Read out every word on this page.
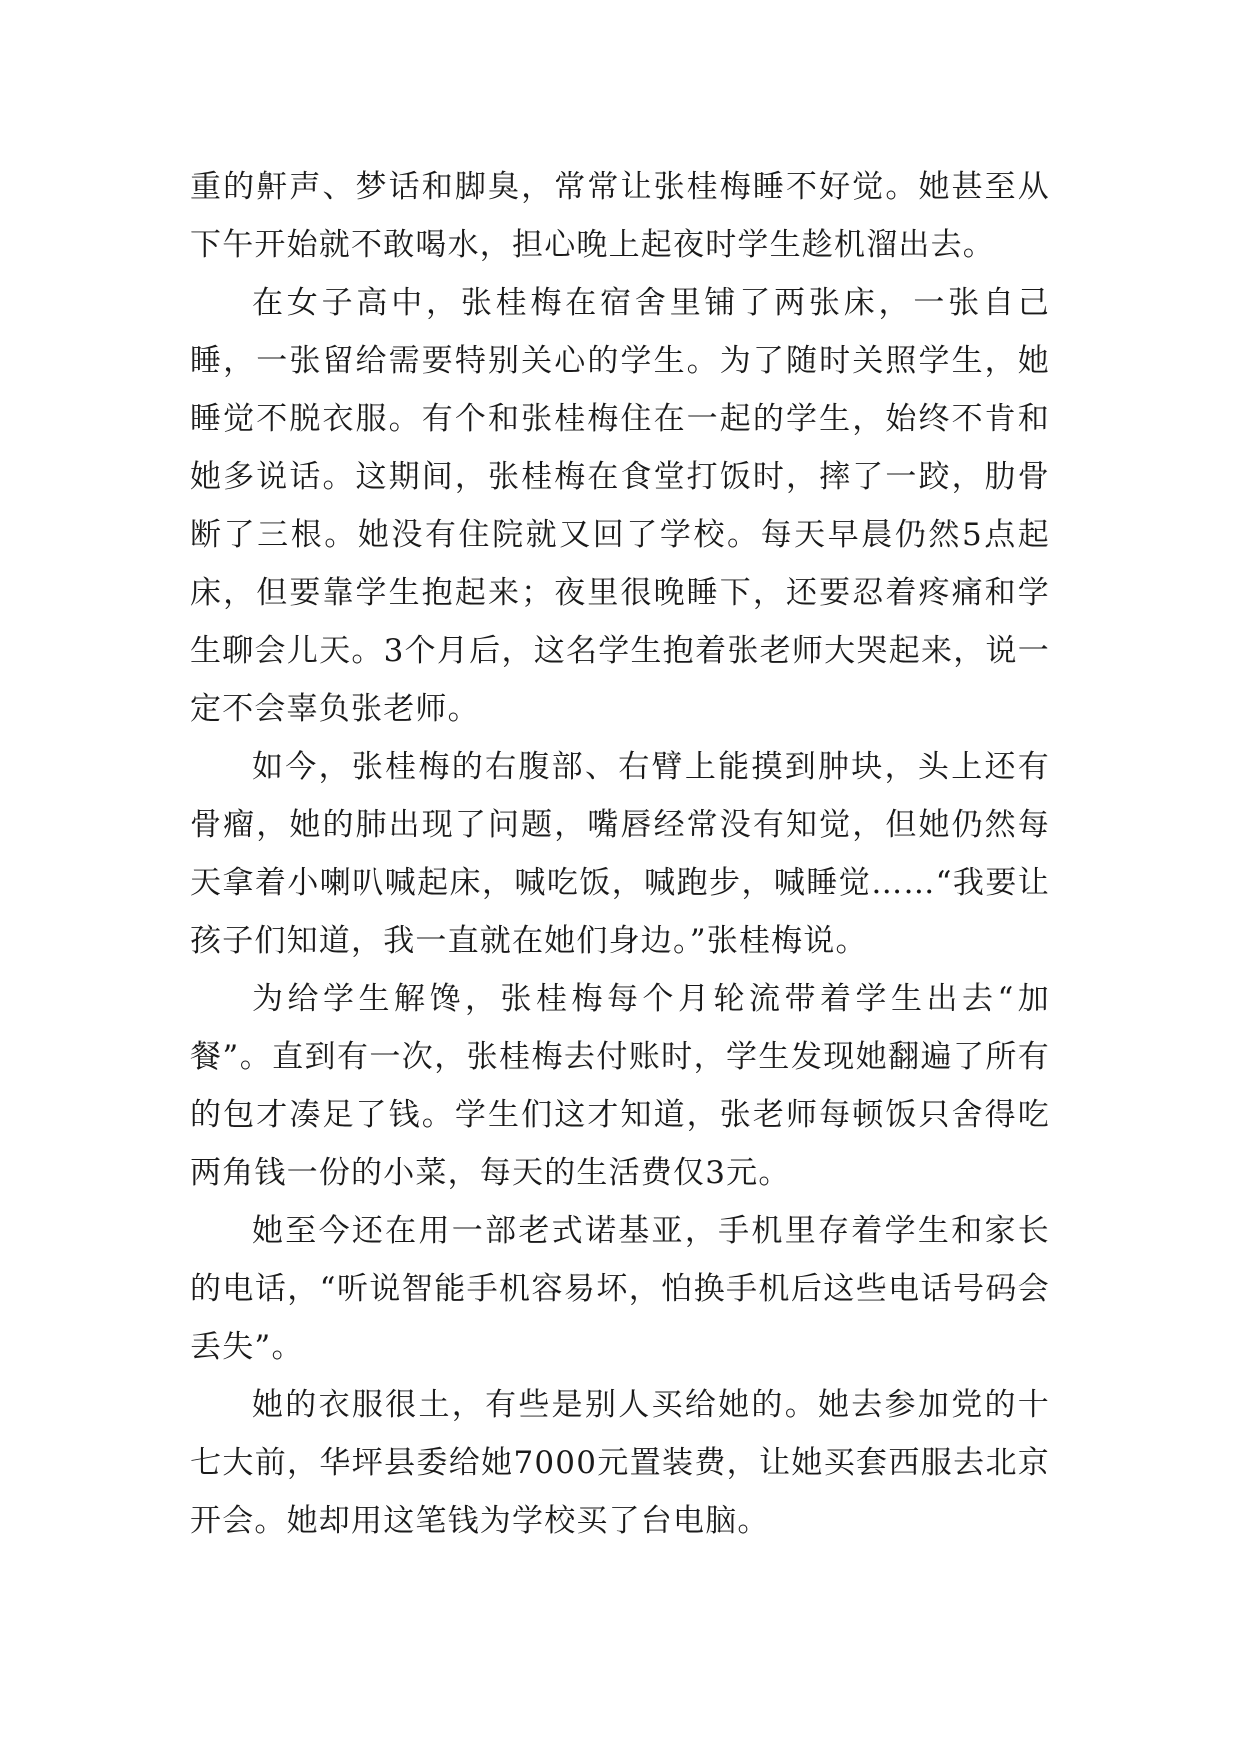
重的鼾声、梦话和脚臭，常常让张桂梅睡不好觉。她甚至从下午开始就不敢喝水，担心晚上起夜时学生趁机溜出去。

在女子高中，张桂梅在宿舍里铺了两张床，一张自己睡，一张留给需要特别关心的学生。为了随时关照学生，她睡觉不脱衣服。有个和张桂梅住在一起的学生，始终不肯和她多说话。这期间，张桂梅在食堂打饭时，摔了一跤，肋骨断了三根。她没有住院就又回了学校。每天早晨仍然5点起床，但要靠学生抱起来；夜里很晚睡下，还要忍着疼痛和学生聊会儿天。3个月后，这名学生抱着张老师大哭起来，说一定不会辜负张老师。

如今，张桂梅的右腹部、右臂上能摸到肿块，头上还有骨瘤，她的肺出现了问题，嘴唇经常没有知觉，但她仍然每天拿着小喇叭喊起床，喊吃饭，喊跑步，喊睡觉……“我要让孩子们知道，我一直就在她们身边。”张桂梅说。

为给学生解馋，张桂梅每个月轮流带着学生出去“加餐”。直到有一次，张桂梅去付账时，学生发现她翻遍了所有的包才凑足了钱。学生们这才知道，张老师每顿饭只舍得吃两角钱一份的小菜，每天的生活费仅3元。

她至今还在用一部老式诺基亚，手机里存着学生和家长的电话，“听说智能手机容易坏，怕换手机后这些电话号码会丢失”。

她的衣服很土，有些是别人买给她的。她去参加党的十七大前，华坪县委给她7000元置装费，让她买套西服去北京开会。她却用这笔钱为学校买了台电脑。
